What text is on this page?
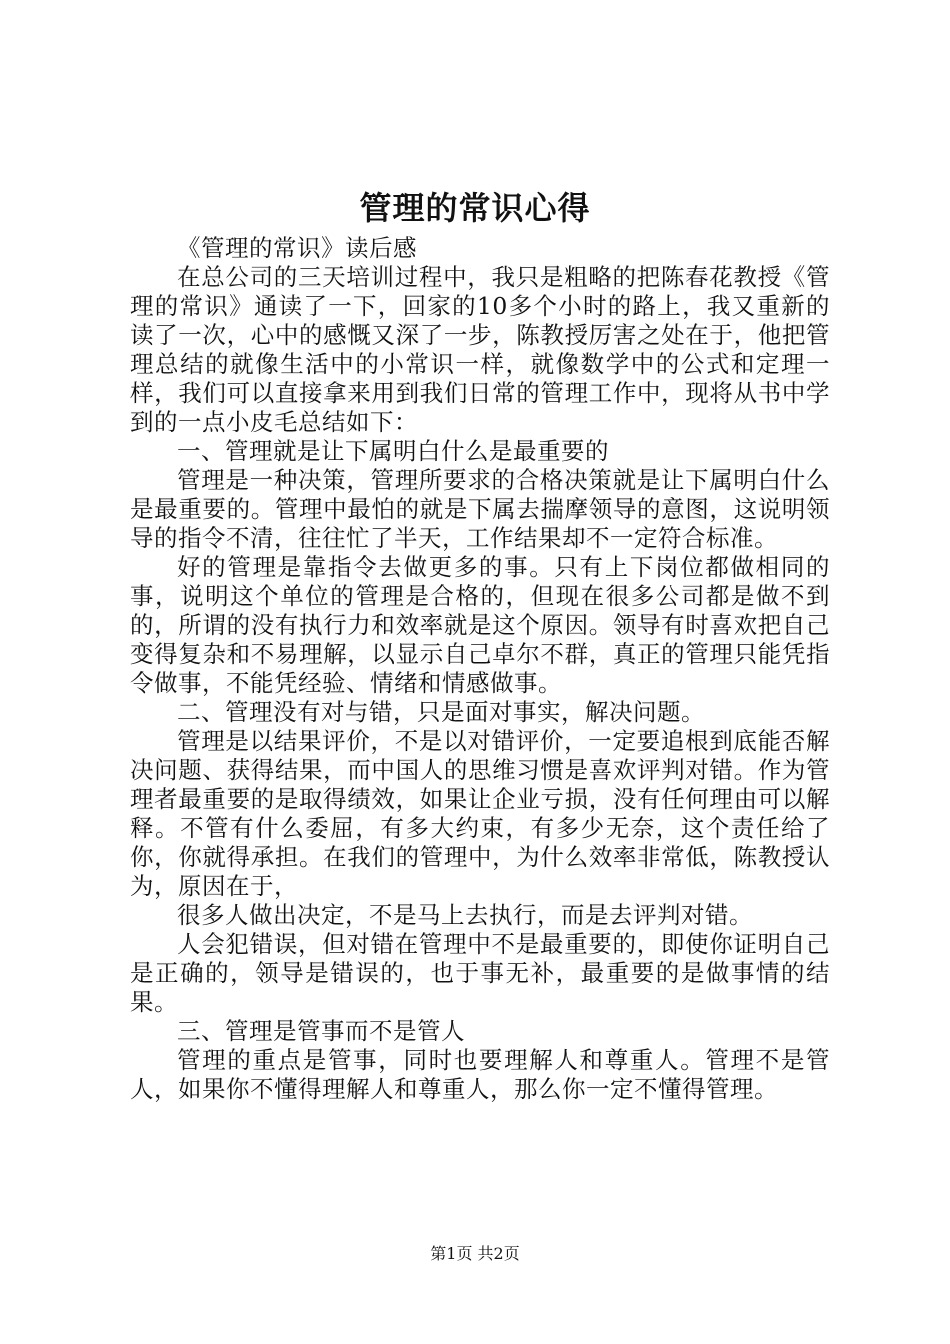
管理的常识心得

《管理的常识》读后感

在总公司的三天培训过程中，我只是粗略的把陈春花教授《管理的常识》通读了一下，回家的10多个小时的路上，我又重新的读了一次，心中的感慨又深了一步，陈教授厉害之处在于，他把管理总结的就像生活中的小常识一样，就像数学中的公式和定理一样，我们可以直接拿来用到我们日常的管理工作中，现将从书中学到的一点小皮毛总结如下：

一、管理就是让下属明白什么是最重要的

管理是一种决策，管理所要求的合格决策就是让下属明白什么是最重要的。管理中最怕的就是下属去揣摩领导的意图，这说明领导的指令不清，往往忙了半天，工作结果却不一定符合标准。

好的管理是靠指令去做更多的事。只有上下岗位都做相同的事，说明这个单位的管理是合格的，但现在很多公司都是做不到的，所谓的没有执行力和效率就是这个原因。领导有时喜欢把自己变得复杂和不易理解，以显示自己卓尔不群，真正的管理只能凭指令做事，不能凭经验、情绪和情感做事。

二、管理没有对与错，只是面对事实，解决问题。

管理是以结果评价，不是以对错评价，一定要追根到底能否解决问题、获得结果，而中国人的思维习惯是喜欢评判对错。作为管理者最重要的是取得绩效，如果让企业亏损，没有任何理由可以解释。不管有什么委屈，有多大约束，有多少无奈，这个责任给了你，你就得承担。在我们的管理中，为什么效率非常低，陈教授认为，原因在于，

很多人做出决定，不是马上去执行，而是去评判对错。

人会犯错误，但对错在管理中不是最重要的，即使你证明自己是正确的，领导是错误的，也于事无补，最重要的是做事情的结果。

三、管理是管事而不是管人

管理的重点是管事，同时也要理解人和尊重人。管理不是管人，如果你不懂得理解人和尊重人，那么你一定不懂得管理。

第1页 共2页
